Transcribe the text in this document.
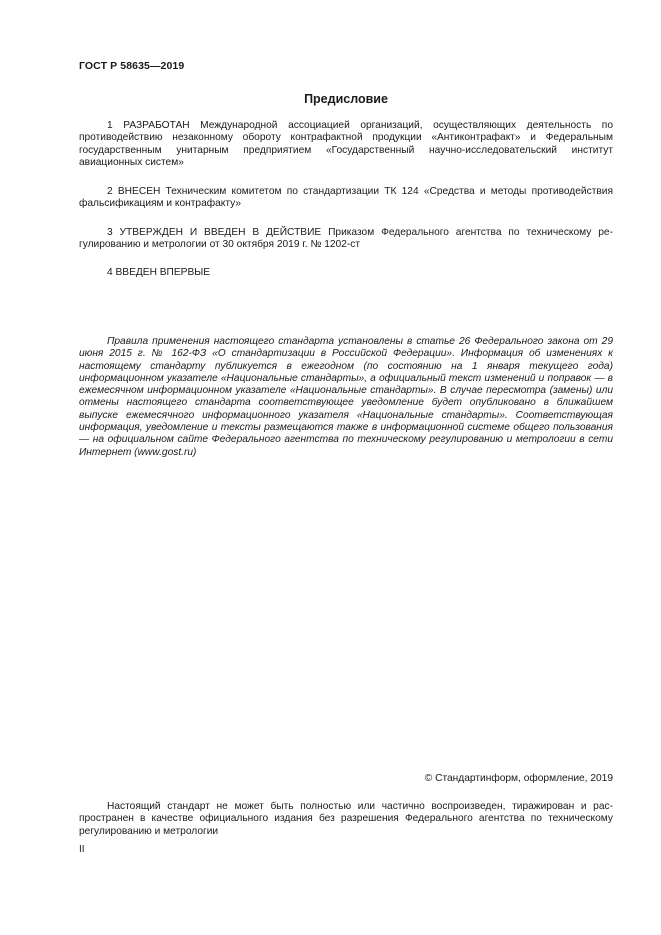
ГОСТ Р 58635—2019
Предисловие

1 РАЗРАБОТАН Международной ассоциацией организаций, осуществляющих деятельность по противодействию незаконному обороту контрафактной продукции «Антиконтрафакт» и Федеральным государственным унитарным предприятием «Государственный научно-исследовательский институт авиационных систем»

2 ВНЕСЕН Техническим комитетом по стандартизации ТК 124 «Средства и методы противодействия фальсификациям и контрафакту»

3 УТВЕРЖДЕН И ВВЕДЕН В ДЕЙСТВИЕ Приказом Федерального агентства по техническому регулированию и метрологии от 30 октября 2019 г. № 1202-ст

4 ВВЕДЕН ВПЕРВЫЕ

Правила применения настоящего стандарта установлены в статье 26 Федерального закона от 29 июня 2015 г. № 162-ФЗ «О стандартизации в Российской Федерации». Информация об изменениях к настоящему стандарту публикуется в ежегодном (по состоянию на 1 января текущего года) информационном указателе «Национальные стандарты», а официальный текст изменений и поправок — в ежемесячном информационном указателе «Национальные стандарты». В случае пересмотра (замены) или отмены настоящего стандарта соответствующее уведомление будет опубликовано в ближайшем выпуске ежемесячного информационного указателя «Национальные стандарты». Соответствующая информация, уведомление и тексты размещаются также в информационной системе общего пользования — на официальном сайте Федерального агентства по техническому регулированию и метрологии в сети Интернет (www.gost.ru)

© Стандартинформ, оформление, 2019

Настоящий стандарт не может быть полностью или частично воспроизведен, тиражирован и распространен в качестве официального издания без разрешения Федерального агентства по техническому регулированию и метрологии

II
